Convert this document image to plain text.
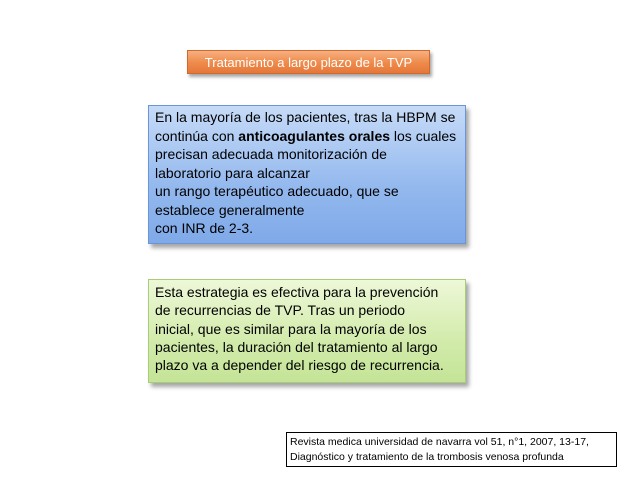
Tratamiento a largo plazo de la TVP
En la mayoría de los pacientes, tras la HBPM se
continúa con anticoagulantes orales los cuales
precisan adecuada monitorización de
laboratorio para alcanzar
un rango terapéutico adecuado, que se
establece generalmente
con INR de 2-3.
Esta estrategia es efectiva para la prevención
de recurrencias de TVP. Tras un periodo
inicial, que es similar para la mayoría de los
pacientes, la duración del tratamiento al largo
plazo va a depender del riesgo de recurrencia.
Revista medica universidad de navarra vol 51, n°1, 2007, 13-17,
Diagnóstico y tratamiento de la trombosis venosa profunda
